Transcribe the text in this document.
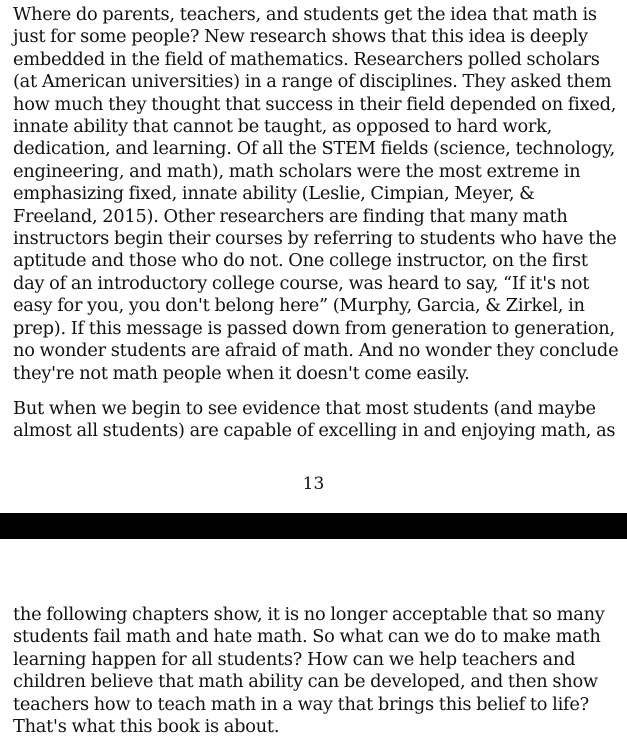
Where do parents, teachers, and students get the idea that math is just for some people? New research shows that this idea is deeply embedded in the field of mathematics. Researchers polled scholars (at American universities) in a range of disciplines. They asked them how much they thought that success in their field depended on fixed, innate ability that cannot be taught, as opposed to hard work, dedication, and learning. Of all the STEM fields (science, technology, engineering, and math), math scholars were the most extreme in emphasizing fixed, innate ability (Leslie, Cimpian, Meyer, & Freeland, 2015). Other researchers are finding that many math instructors begin their courses by referring to students who have the aptitude and those who do not. One college instructor, on the first day of an introductory college course, was heard to say, “If it's not easy for you, you don't belong here” (Murphy, Garcia, & Zirkel, in prep). If this message is passed down from generation to generation, no wonder students are afraid of math. And no wonder they conclude they're not math people when it doesn't come easily.

But when we begin to see evidence that most students (and maybe almost all students) are capable of excelling in and enjoying math, as

13

the following chapters show, it is no longer acceptable that so many students fail math and hate math. So what can we do to make math learning happen for all students? How can we help teachers and children believe that math ability can be developed, and then show teachers how to teach math in a way that brings this belief to life? That's what this book is about.
